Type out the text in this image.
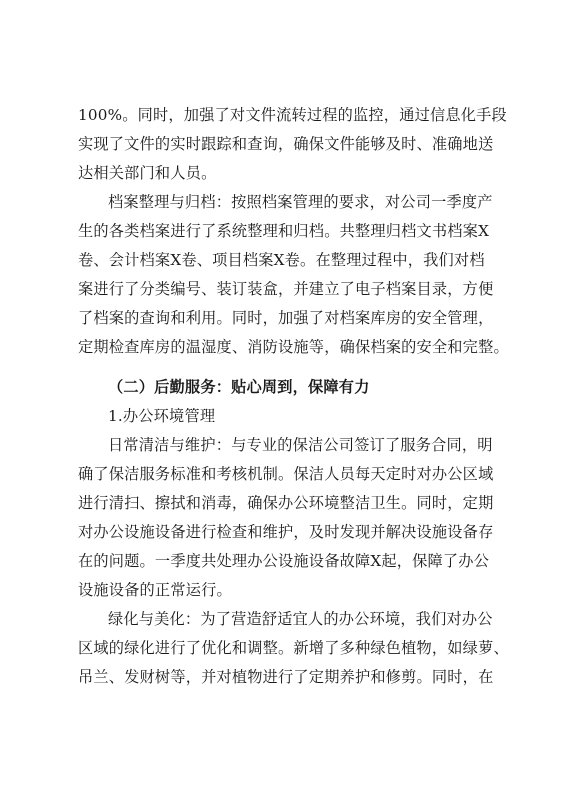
100%。同时，加强了对文件流转过程的监控，通过信息化手段
实现了文件的实时跟踪和查询，确保文件能够及时、准确地送
达相关部门和人员。
档案整理与归档：按照档案管理的要求，对公司一季度产
生的各类档案进行了系统整理和归档。共整理归档文书档案X
卷、会计档案X卷、项目档案X卷。在整理过程中，我们对档
案进行了分类编号、装订装盒，并建立了电子档案目录，方便
了档案的查询和利用。同时，加强了对档案库房的安全管理，
定期检查库房的温湿度、消防设施等，确保档案的安全和完整。
（二）后勤服务：贴心周到，保障有力
1.办公环境管理
日常清洁与维护：与专业的保洁公司签订了服务合同，明
确了保洁服务标准和考核机制。保洁人员每天定时对办公区域
进行清扫、擦拭和消毒，确保办公环境整洁卫生。同时，定期
对办公设施设备进行检查和维护，及时发现并解决设施设备存
在的问题。一季度共处理办公设施设备故障X起，保障了办公
设施设备的正常运行。
绿化与美化：为了营造舒适宜人的办公环境，我们对办公
区域的绿化进行了优化和调整。新增了多种绿色植物，如绿萝、
吊兰、发财树等，并对植物进行了定期养护和修剪。同时，在
